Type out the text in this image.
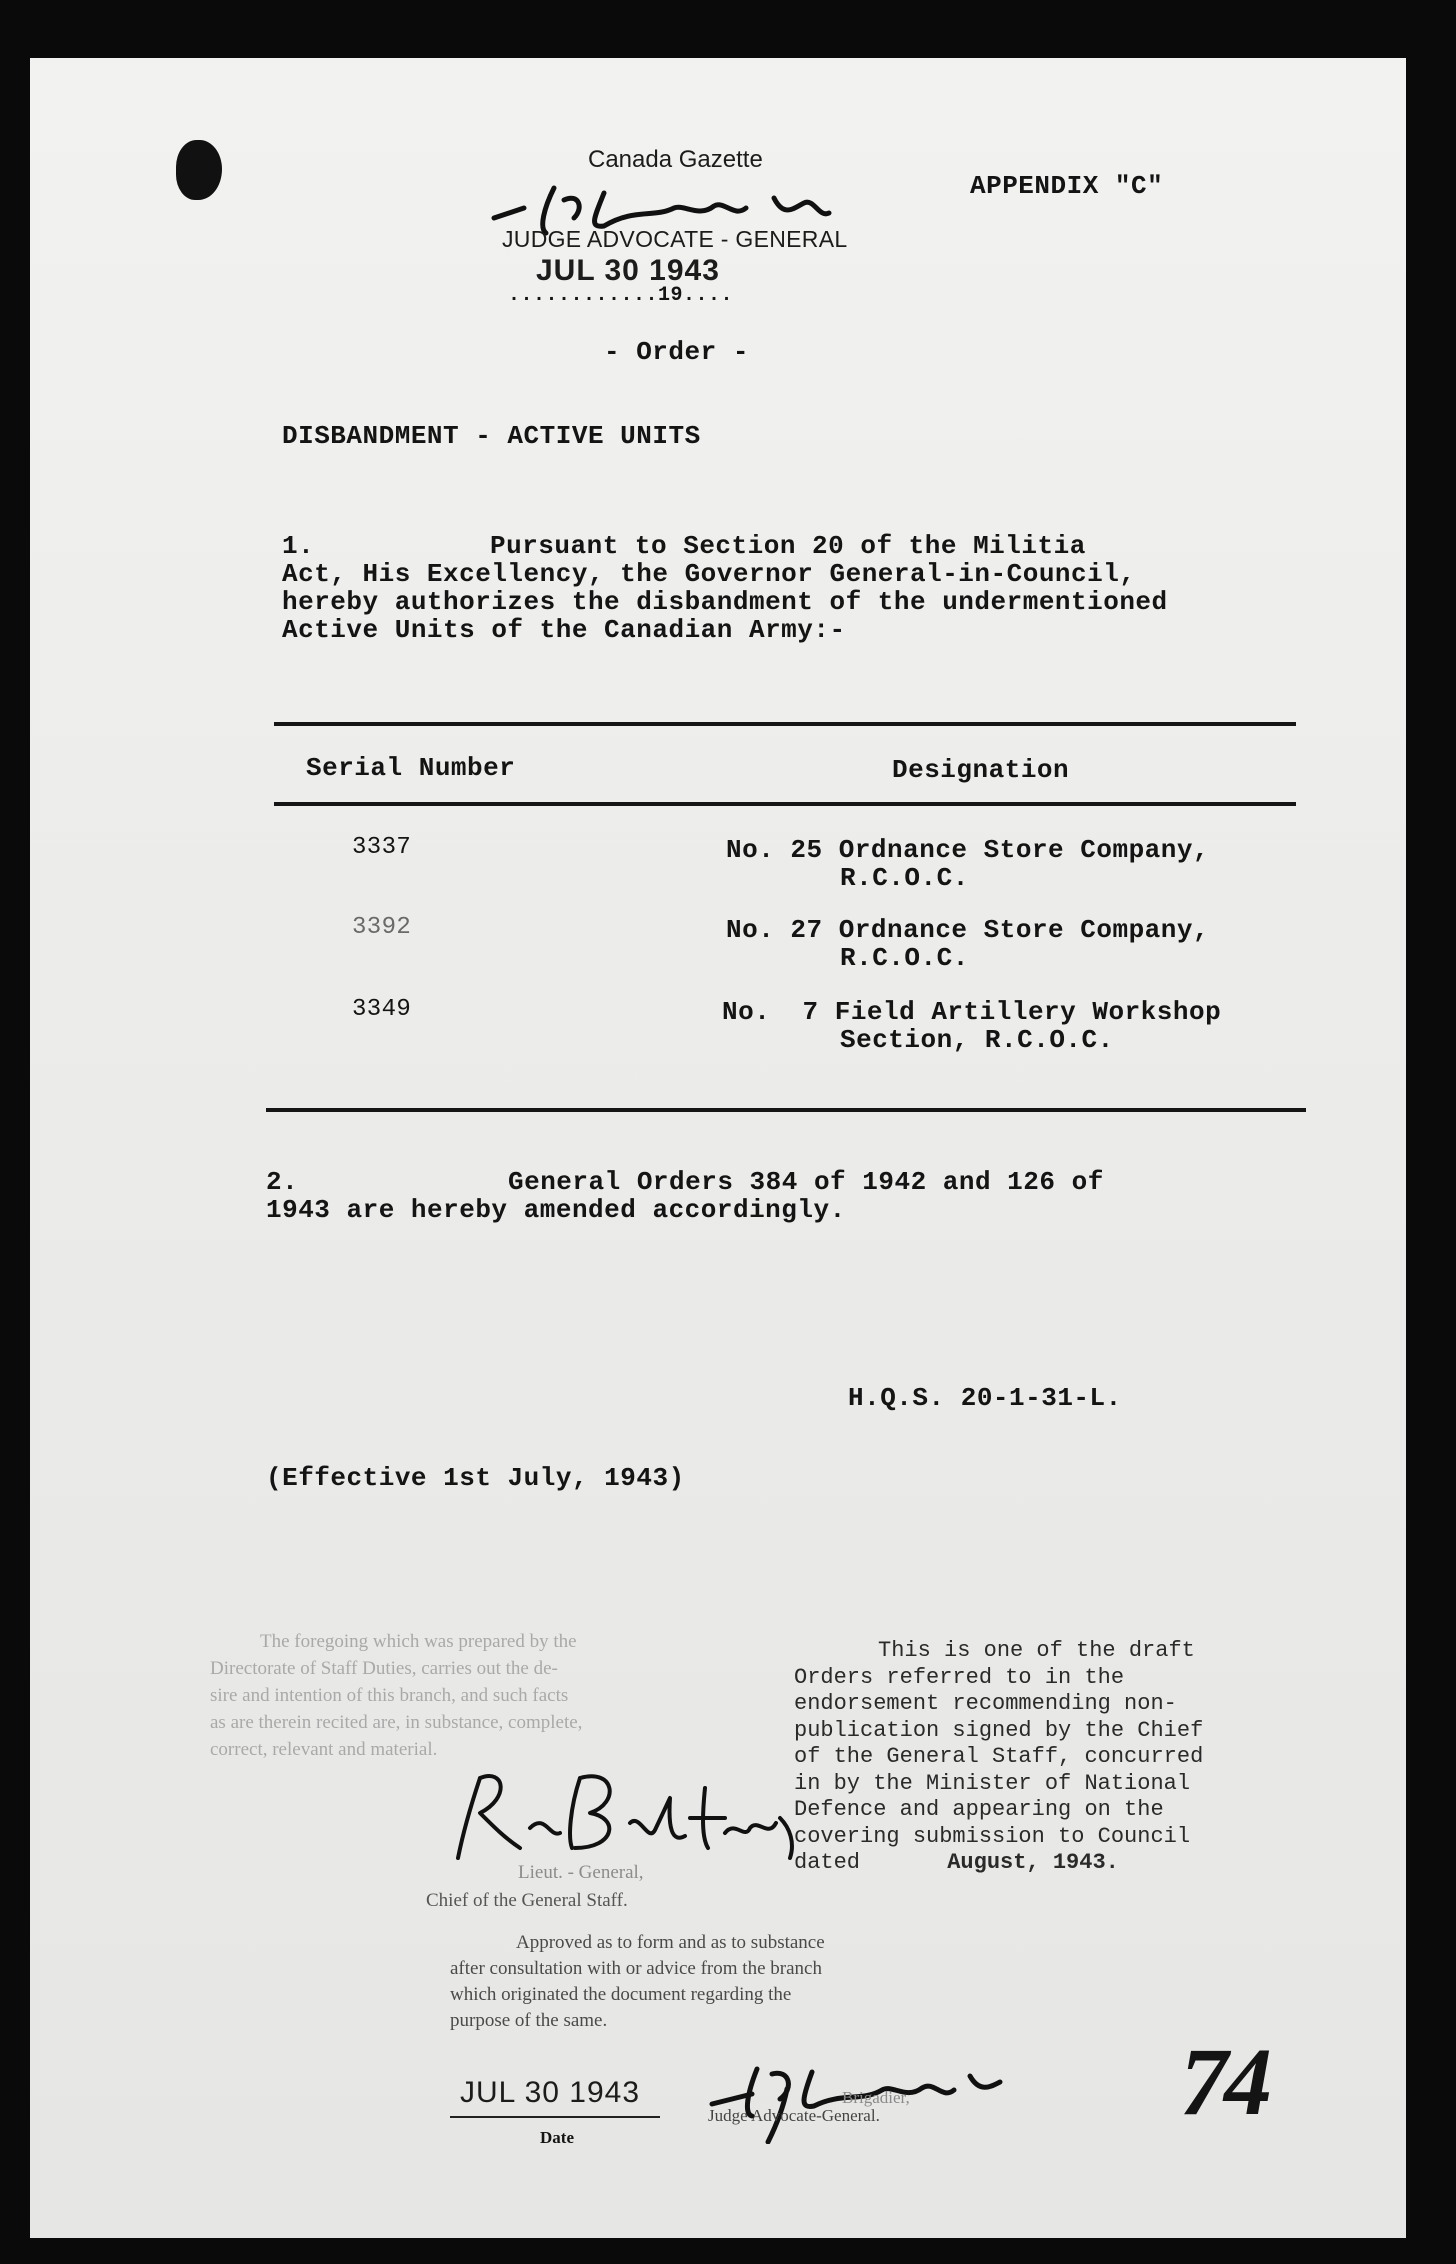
Canada Gazette
JUDGE ADVOCATE - GENERAL
JUL 30 1943
............19....
APPENDIX "C"
- Order -
DISBANDMENT - ACTIVE UNITS
1.	Pursuant to Section 20 of the Militia
Act, His Excellency, the Governor General-in-Council,
hereby authorizes the disbandment of the undermentioned
Active Units of the Canadian Army:-
Serial Number	Designation
3337	No. 25 Ordnance Store Company,
R.C.O.C.
3392	No. 27 Ordnance Store Company,
R.C.O.C.
3349	No.  7 Field Artillery Workshop
Section, R.C.O.C.
2.	General Orders 384 of 1942 and 126 of
1943 are hereby amended accordingly.
H.Q.S. 20-1-31-L.
(Effective 1st July, 1943)
The foregoing which was prepared by the
Directorate of Staff Duties, carries out the de-
sire and intention of this branch, and such facts
as are therein recited are, in substance, complete,
correct, relevant and material.
Lieut. - General,
Chief of the General Staff.
This is one of the draft
Orders referred to in the
endorsement recommending non-
publication signed by the Chief
of the General Staff, concurred
in by the Minister of National
Defence and appearing on the
covering submission to Council
dated	August, 1943.
Approved as to form and as to substance
after consultation with or advice from the branch
which originated the document regarding the
purpose of the same.
JUL 30 1943
Date
Brigadier,
Judge Advocate-General.	74
